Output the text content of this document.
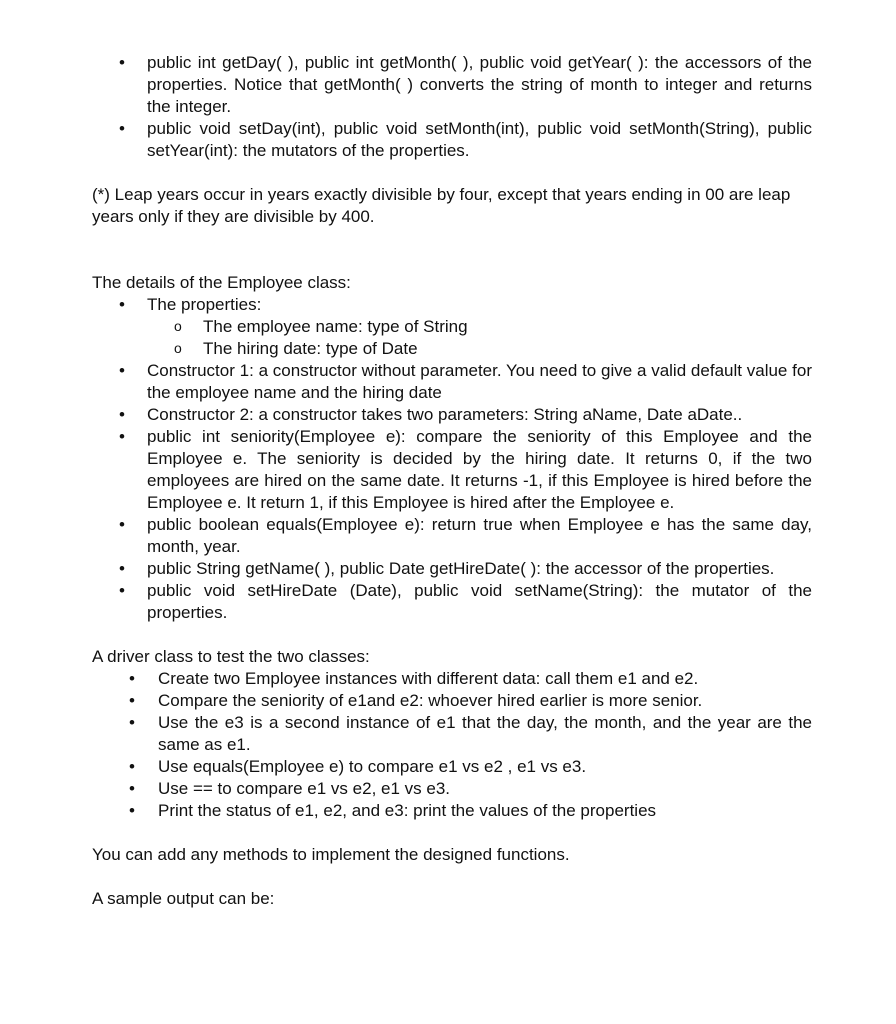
• public int getDay( ), public int getMonth( ), public void getYear( ): the accessors of the properties. Notice that getMonth( ) converts the string of month to integer and returns the integer.
• public void setDay(int), public void setMonth(int), public void setMonth(String), public setYear(int): the mutators of the properties.

(*) Leap years occur in years exactly divisible by four, except that years ending in 00 are leap years only if they are divisible by 400.

The details of the Employee class:

• The properties:
o The employee name: type of String
o The hiring date: type of Date
• Constructor 1: a constructor without parameter. You need to give a valid default value for the employee name and the hiring date
• Constructor 2: a constructor takes two parameters: String aName, Date aDate..
• public int seniority(Employee e): compare the seniority of this Employee and the Employee e. The seniority is decided by the hiring date. It returns 0, if the two employees are hired on the same date. It returns -1, if this Employee is hired before the Employee e. It return 1, if this Employee is hired after the Employee e.
• public boolean equals(Employee e): return true when Employee e has the same day, month, year.
• public String getName( ), public Date getHireDate( ): the accessor of the properties.
• public void setHireDate (Date), public void setName(String): the mutator of the properties.

A driver class to test the two classes:

• Create two Employee instances with different data: call them e1 and e2.
• Compare the seniority of e1and e2: whoever hired earlier is more senior.
• Use the e3 is a second instance of e1 that the day, the month, and the year are the same as e1.
• Use equals(Employee e) to compare e1 vs e2 , e1 vs e3.
• Use == to compare e1 vs e2, e1 vs e3.
• Print the status of e1, e2, and e3: print the values of the properties

You can add any methods to implement the designed functions.

A sample output can be:
